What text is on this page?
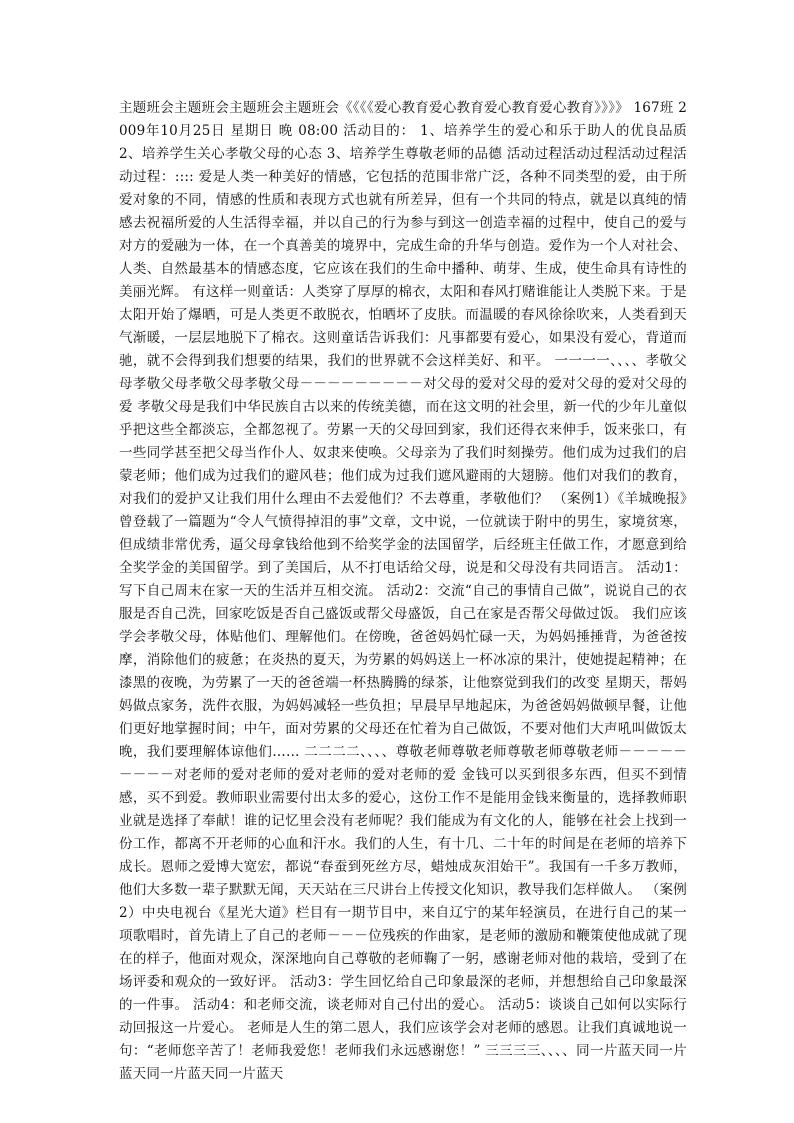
主题班会主题班会主题班会主题班会《《《《爱心教育爱心教育爱心教育爱心教育》》》》 167班 2009年10月25日 星期日 晚 08:00 活动目的： 1、培养学生的爱心和乐于助人的优良品质 2、培养学生关心孝敬父母的心态 3、培养学生尊敬老师的品德 活动过程活动过程活动过程活动过程：:::: 爱是人类一种美好的情感，它包括的范围非常广泛，各种不同类型的爱，由于所爱对象的不同，情感的性质和表现方式也就有所差异，但有一个共同的特点，就是以真纯的情感去祝福所爱的人生活得幸福，并以自己的行为参与到这一创造幸福的过程中，使自己的爱与对方的爱融为一体，在一个真善美的境界中，完成生命的升华与创造。爱作为一个人对社会、人类、自然最基本的情感态度，它应该在我们的生命中播种、萌芽、生成，使生命具有诗性的美丽光辉。 有这样一则童话：人类穿了厚厚的棉衣，太阳和春风打赌谁能让人类脱下来。于是太阳开始了爆晒，可是人类更不敢脱衣，怕晒坏了皮肤。而温暖的春风徐徐吹来，人类看到天气渐暖，一层层地脱下了棉衣。这则童话告诉我们：凡事都要有爱心，如果没有爱心，背道而驰，就不会得到我们想要的结果，我们的世界就不会这样美好、和平。 一一一一、、、、孝敬父母孝敬父母孝敬父母孝敬父母－－－－－－－－－对父母的爱对父母的爱对父母的爱对父母的爱 孝敬父母是我们中华民族自古以来的传统美德，而在这文明的社会里，新一代的少年儿童似乎把这些全都淡忘，全都忽视了。劳累一天的父母回到家，我们还得衣来伸手，饭来张口，有一些同学甚至把父母当作仆人、奴隶来使唤。父母亲为了我们时刻操劳。他们成为过我们的启蒙老师；他们成为过我们的避风巷；他们成为过我们遮风避雨的大翅膀。他们对我们的教育，对我们的爱护又让我们用什么理由不去爱他们？不去尊重，孝敬他们？ （案例1）《羊城晚报》曾登载了一篇题为“令人气愤得掉泪的事”文章，文中说，一位就读于附中的男生，家境贫寒，但成绩非常优秀，逼父母拿钱给他到不给奖学金的法国留学，后经班主任做工作，才愿意到给全奖学金的美国留学。到了美国后，从不打电话给父母，说是和父母没有共同语言。 活动1：写下自己周末在家一天的生活并互相交流。 活动2：交流“自己的事情自己做”，说说自己的衣服是否自己洗，回家吃饭是否自己盛饭或帮父母盛饭，自己在家是否帮父母做过饭。 我们应该学会孝敬父母，体贴他们、理解他们。在傍晚，爸爸妈妈忙碌一天，为妈妈捶捶背，为爸爸按摩，消除他们的疲惫；在炎热的夏天，为劳累的妈妈送上一杯冰凉的果汁，使她提起精神；在漆黑的夜晚，为劳累了一天的爸爸端一杯热腾腾的绿茶，让他察觉到我们的改变 星期天，帮妈妈做点家务，洗件衣服，为妈妈减轻一些负担；早晨早早地起床，为爸爸妈妈做顿早餐，让他们更好地掌握时间；中午，面对劳累的父母还在忙着为自己做饭，不要对他们大声吼叫做饭太晚，我们要理解体谅他们…… 二二二二、、、、尊敬老师尊敬老师尊敬老师尊敬老师－－－－－－－－－对老师的爱对老师的爱对老师的爱对老师的爱 金钱可以买到很多东西，但买不到情感，买不到爱。教师职业需要付出太多的爱心，这份工作不是能用金钱来衡量的，选择教师职业就是选择了奉献！谁的记忆里会没有老师呢？我们能成为有文化的人，能够在社会上找到一份工作，都离不开老师的心血和汗水。我们的人生，有十几、二十年的时间是在老师的培养下成长。恩师之爱博大宽宏，都说“春蚕到死丝方尽，蜡烛成灰泪始干”。我国有一千多万教师，他们大多数一辈子默默无闻，天天站在三尺讲台上传授文化知识，教导我们怎样做人。 （案例2）中央电视台《星光大道》栏目有一期节目中，来自辽宁的某年轻演员，在进行自己的某一项歌唱时，首先请上了自己的老师－－－位残疾的作曲家，是老师的激励和鞭策使他成就了现在的样子，他面对观众，深深地向自己尊敬的老师鞠了一躬，感谢老师对他的栽培，受到了在场评委和观众的一致好评。 活动3：学生回忆给自己印象最深的老师，并想想给自己印象最深的一件事。 活动4：和老师交流，谈老师对自己付出的爱心。 活动5：谈谈自己如何以实际行动回报这一片爱心。 老师是人生的第二恩人，我们应该学会对老师的感恩。让我们真诚地说一句：“老师您辛苦了！老师我爱您！老师我们永远感谢您！” 三三三三、、、、同一片蓝天同一片蓝天同一片蓝天同一片蓝天
